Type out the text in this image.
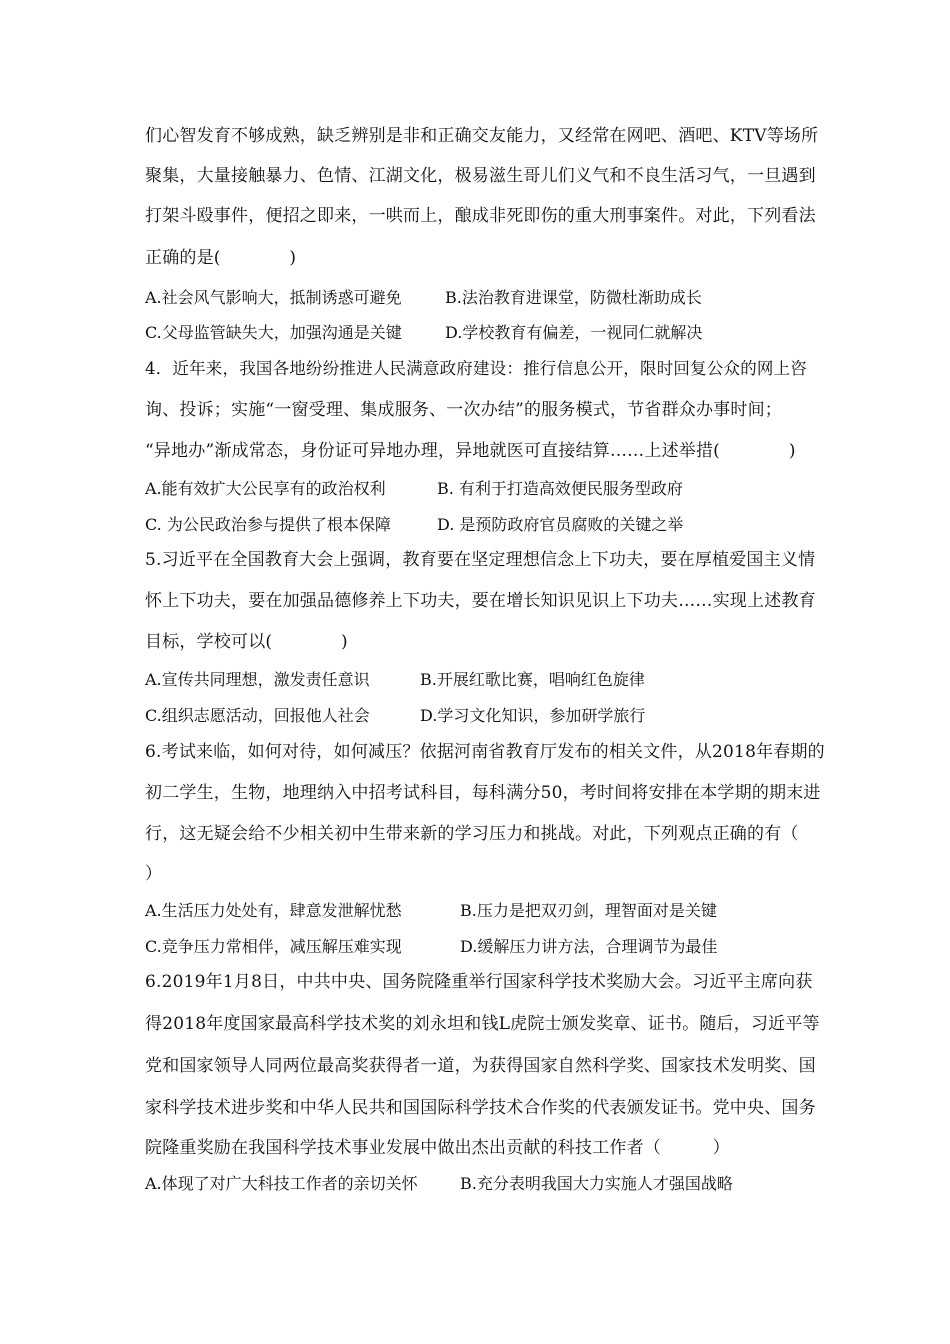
们心智发育不够成熟，缺乏辨别是非和正确交友能力，又经常在网吧、酒吧、KTV等场所
聚集，大量接触暴力、色情、江湖文化，极易滋生哥儿们义气和不良生活习气，一旦遇到
打架斗殴事件，便招之即来，一哄而上，酿成非死即伤的重大刑事案件。对此，下列看法
正确的是(　　　　)
A.社会风气影响大，抵制诱惑可避免	B.法治教育进课堂，防微杜渐助成长
C.父母监管缺失大，加强沟通是关键	D.学校教育有偏差，一视同仁就解决
4．近年来，我国各地纷纷推进人民满意政府建设：推行信息公开，限时回复公众的网上咨
询、投诉；实施“一窗受理、集成服务、一次办结”的服务模式，节省群众办事时间；
“异地办”渐成常态，身份证可异地办理，异地就医可直接结算……上述举措(　　　　)
A.能有效扩大公民享有的政治权利	B. 有利于打造高效便民服务型政府
C. 为公民政治参与提供了根本保障	D. 是预防政府官员腐败的关键之举
5.习近平在全国教育大会上强调，教育要在坚定理想信念上下功夫，要在厚植爱国主义情
怀上下功夫，要在加强品德修养上下功夫，要在增长知识见识上下功夫……实现上述教育
目标，学校可以(　　　　)
A.宣传共同理想，激发责任意识	B.开展红歌比赛，唱响红色旋律
C.组织志愿活动，回报他人社会	D.学习文化知识，参加研学旅行
6.考试来临，如何对待，如何减压？依据河南省教育厅发布的相关文件，从2018年春期的
初二学生，生物，地理纳入中招考试科目，每科满分50，考时间将安排在本学期的期末进
行，这无疑会给不少相关初中生带来新的学习压力和挑战。对此，下列观点正确的有（
）
A.生活压力处处有，肆意发泄解忧愁	B.压力是把双刃剑，理智面对是关键
C.竞争压力常相伴，减压解压难实现	D.缓解压力讲方法，合理调节为最佳
6.2019年1月8日，中共中央、国务院隆重举行国家科学技术奖励大会。习近平主席向获
得2018年度国家最高科学技术奖的刘永坦和钱L虎院士颁发奖章、证书。随后，习近平等
党和国家领导人同两位最高奖获得者一道，为获得国家自然科学奖、国家技术发明奖、国
家科学技术进步奖和中华人民共和国国际科学技术合作奖的代表颁发证书。党中央、国务
院隆重奖励在我国科学技术事业发展中做出杰出贡献的科技工作者（　　　）
A.体现了对广大科技工作者的亲切关怀	B.充分表明我国大力实施人才强国战略
